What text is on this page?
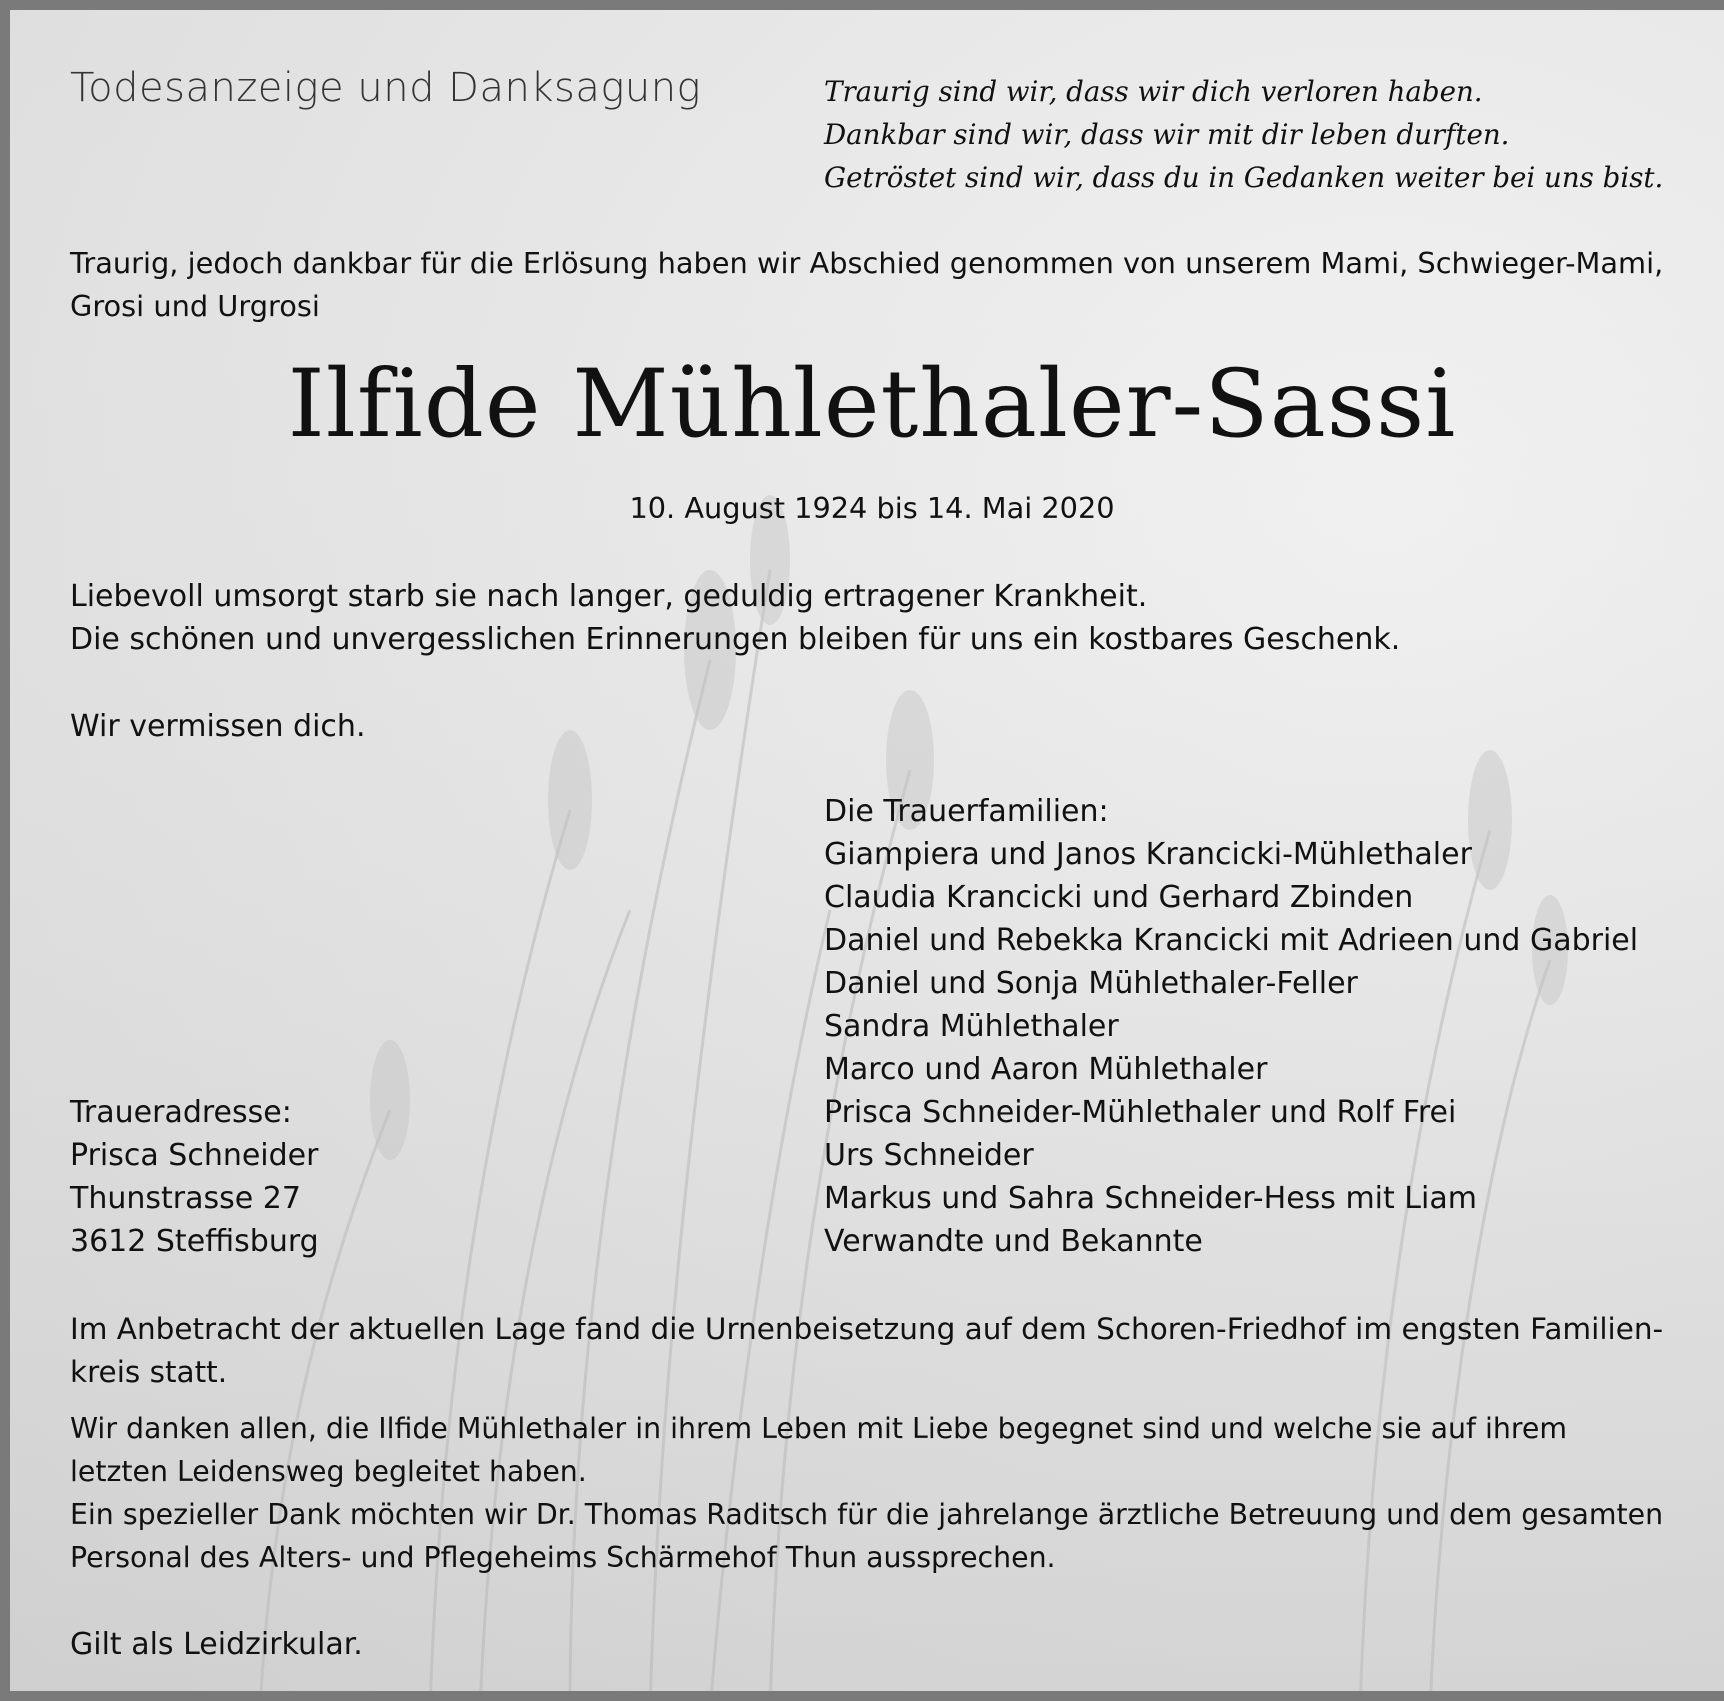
Todesanzeige und Danksagung	Traurig sind wir, dass wir dich verloren haben.
Dankbar sind wir, dass wir mit dir leben durften.
Getröstet sind wir, dass du in Gedanken weiter bei uns bist.
Traurig, jedoch dankbar für die Erlösung haben wir Abschied genommen von unserem Mami, Schwieger-Mami,
Grosi und Urgrosi
Ilfide Mühlethaler-Sassi
10. August 1924 bis 14. Mai 2020
Liebevoll umsorgt starb sie nach langer, geduldig ertragener Krankheit.
Die schönen und unvergesslichen Erinnerungen bleiben für uns ein kostbares Geschenk.
Wir vermissen dich.
Die Trauerfamilien:
Giampiera und Janos Krancicki-Mühlethaler
Claudia Krancicki und Gerhard Zbinden
Daniel und Rebekka Krancicki mit Adrieen und Gabriel
Daniel und Sonja Mühlethaler-Feller
Sandra Mühlethaler
Marco und Aaron Mühlethaler
Prisca Schneider-Mühlethaler und Rolf Frei
Urs Schneider
Markus und Sahra Schneider-Hess mit Liam
Verwandte und Bekannte
Traueradresse:
Prisca Schneider
Thunstrasse 27
3612 Steffisburg
Im Anbetracht der aktuellen Lage fand die Urnenbeisetzung auf dem Schoren-Friedhof im engsten Familien-
kreis statt.
Wir danken allen, die Ilfide Mühlethaler in ihrem Leben mit Liebe begegnet sind und welche sie auf ihrem
letzten Leidensweg begleitet haben.
Ein spezieller Dank möchten wir Dr. Thomas Raditsch für die jahrelange ärztliche Betreuung und dem gesamten
Personal des Alters- und Pflegeheims Schärmehof Thun aussprechen.
Gilt als Leidzirkular.
